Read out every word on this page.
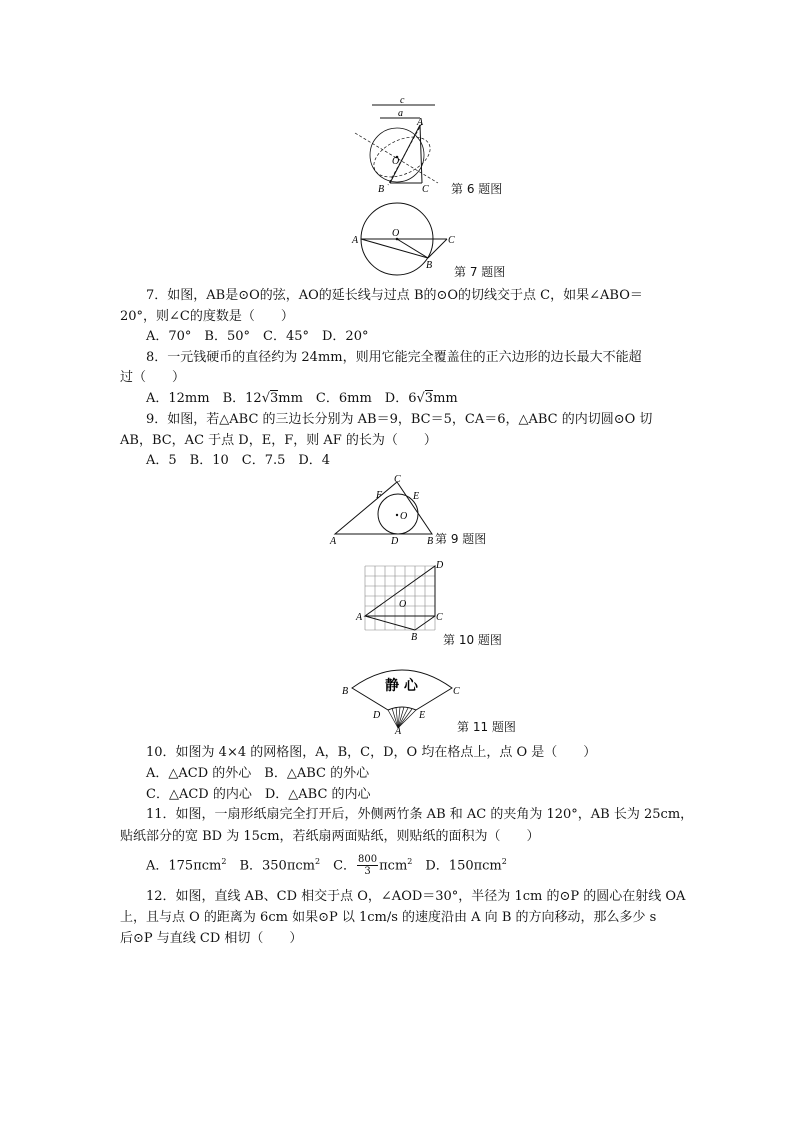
c
a
A
O
B	C 第 6 题图
A
O
C
B 第 7 题图
7．如图，AB是⊙O的弦，AO的延长线与过点 B的⊙O的切线交于点 C，如果∠ABO＝
20°，则∠C的度数是（　　）
A．70°　B．50°　C．45°　D．20°
8．一元钱硬币的直径约为 24mm，则用它能完全覆盖住的正六边形的边长最大不能超
过（　　）
A．12mm　B．12√3mm　C．6mm　D．6√3mm
9．如图，若△ABC 的三边长分别为 AB＝9，BC＝5，CA＝6，△ABC 的内切圆⊙O 切
AB，BC，AC 于点 D，E，F，则 AF 的长为（　　）
A．5　B．10　C．7.5　D．4
A	D	B
C
F	E
O
第 9 题图
A	C
B
D
O
第 10 题图
静 心
B	C
D	E
A	第 11 题图
10．如图为 4×4 的网格图，A，B，C，D，O 均在格点上，点 O 是（　　）
A．△ACD 的外心　B．△ABC 的外心
C．△ACD 的内心　D．△ABC 的内心
11．如图，一扇形纸扇完全打开后，外侧两竹条 AB 和 AC 的夹角为 120°，AB 长为 25cm，
贴纸部分的宽 BD 为 15cm，若纸扇两面贴纸，则贴纸的面积为（　　）
A．175πcm$^2$　B．350πcm$^2$　C． $\frac{800}{3} \pi cm^2$　D．150πcm$^2$
12．如图，直线 AB、CD 相交于点 O，∠AOD＝30°，半径为 1cm 的⊙P 的圆心在射线 OA
上，且与点 O 的距离为 6cm 如果⊙P 以 1cm/s 的速度沿由 A 向 B 的方向移动，那么多少 s
后⊙P 与直线 CD 相切（　　）
